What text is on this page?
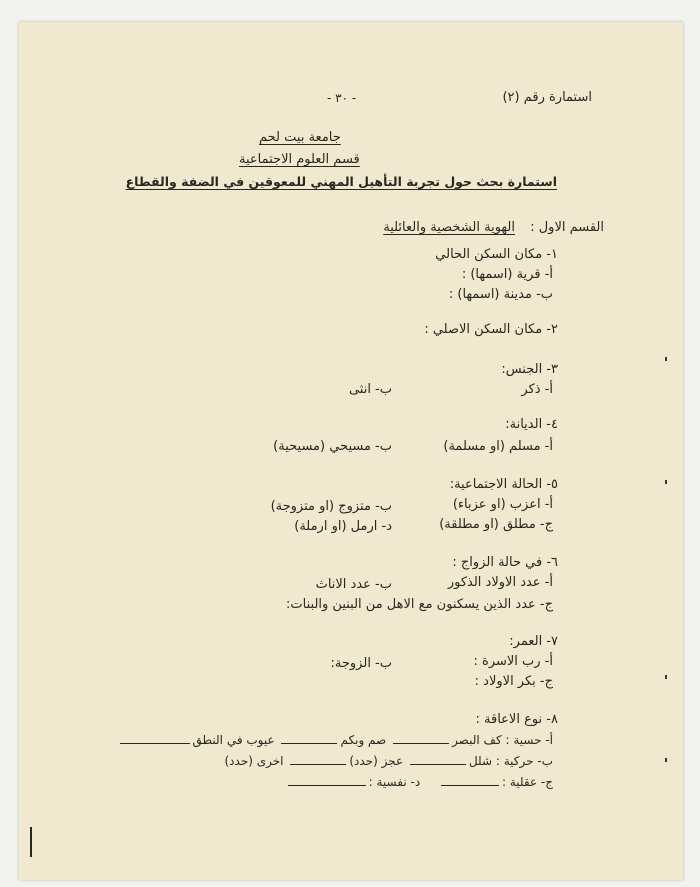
استمارة رقم (٢)
- ٣٠ -
جامعة بيت لحم
قسم العلوم الاجتماعية
استمارة بحث حول تجربة التأهيل المهني للمعوقين في الضفة والقطاع
القسم الاول :
الهوية الشخصية والعائلية
١- مكان السكن الحالي
أ- قرية (اسمها) :
ب- مدينة (اسمها) :
٢- مكان السكن الاصلي :
٣- الجنس:
أ- ذكر
ب- انثى
٤- الديانة:
أ- مسلم (او مسلمة)
ب- مسيحي (مسيحية)
٥- الحالة الاجتماعية:
أ- اعزب (او عزباء)
ب- متزوج (او متزوجة)
ج- مطلق (او مطلقة)
د- ارمل (او ارملة)
٦- في حالة الزواج :
أ- عدد الاولاد الذكور
ب- عدد الاناث
ج- عدد الذين يسكنون مع الاهل من البنين والبنات:
٧- العمر:
أ- رب الاسرة :
ب- الزوجة:
ج- بكر الاولاد :
٨- نوع الاعاقة :
أ- حسية : كف البصر صم وبكم عيوب في النطق
ب- حركية : شلل عجز (حدد) اخرى (حدد)
ج- عقلية : د- نفسية :
